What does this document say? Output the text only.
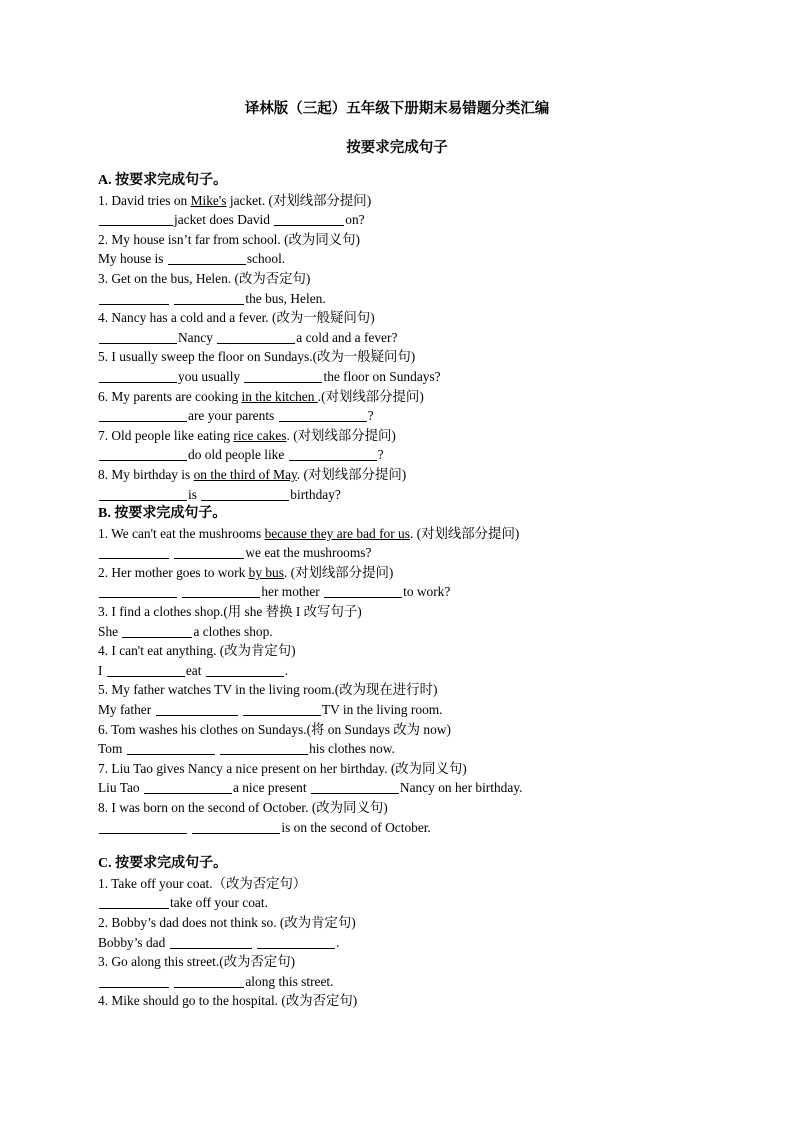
译林版（三起）五年级下册期末易错题分类汇编
按要求完成句子
A. 按要求完成句子。
1. David tries on Mike's jacket. (对划线部分提问)
jacket does David	on?
2. My house isn’t far from school. (改为同义句)
My house is	school.
3. Get on the bus, Helen. (改为否定句)
the bus, Helen.
4. Nancy has a cold and a fever. (改为一般疑问句)
Nancy	a cold and a fever?
5. I usually sweep the floor on Sundays.(改为一般疑问句)
you usually	the floor on Sundays?
6. My parents are cooking in the kitchen .(对划线部分提问)
are your parents	?
7. Old people like eating rice cakes. (对划线部分提问)
do old people like	?
8. My birthday is on the third of May. (对划线部分提问)
is	birthday?
B. 按要求完成句子。
1. We can't eat the mushrooms because they are bad for us. (对划线部分提问)
we eat the mushrooms?
2. Her mother goes to work by bus. (对划线部分提问)
her mother	to work?
3. I find a clothes shop.(用 she 替换 I 改写句子)
She	a clothes shop.
4. I can't eat anything. (改为肯定句)
I	eat	.
5. My father watches TV in the living room.(改为现在进行时)
My father	TV in the living room.
6. Tom washes his clothes on Sundays.(将 on Sundays 改为 now)
Tom	his clothes now.
7. Liu Tao gives Nancy a nice present on her birthday. (改为同义句)
Liu Tao	a nice present	Nancy on her birthday.
8. I was born on the second of October. (改为同义句)
is on the second of October.
C. 按要求完成句子。
1. Take off your coat.（改为否定句）
take off your coat.
2. Bobby’s dad does not think so. (改为肯定句)
Bobby’s dad	.
3. Go along this street.(改为否定句)
along this street.
4. Mike should go to the hospital. (改为否定句)
